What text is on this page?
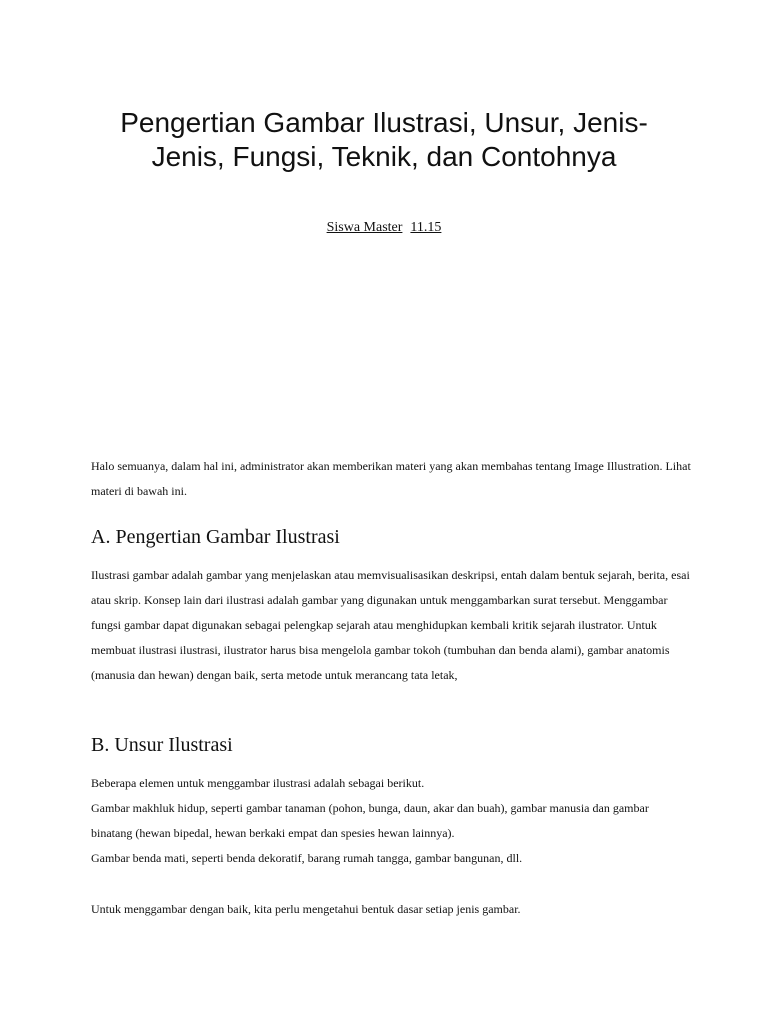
Pengertian Gambar Ilustrasi, Unsur, Jenis-Jenis, Fungsi, Teknik, dan Contohnya
Siswa Master 11.15

Halo semuanya, dalam hal ini, administrator akan memberikan materi yang akan membahas tentang Image Illustration. Lihat materi di bawah ini.

A. Pengertian Gambar Ilustrasi

Ilustrasi gambar adalah gambar yang menjelaskan atau memvisualisasikan deskripsi, entah dalam bentuk sejarah, berita, esai atau skrip. Konsep lain dari ilustrasi adalah gambar yang digunakan untuk menggambarkan surat tersebut. Menggambar fungsi gambar dapat digunakan sebagai pelengkap sejarah atau menghidupkan kembali kritik sejarah ilustrator. Untuk membuat ilustrasi ilustrasi, ilustrator harus bisa mengelola gambar tokoh (tumbuhan dan benda alami), gambar anatomis (manusia dan hewan) dengan baik, serta metode untuk merancang tata letak,

B. Unsur Ilustrasi

Beberapa elemen untuk menggambar ilustrasi adalah sebagai berikut.

Gambar makhluk hidup, seperti gambar tanaman (pohon, bunga, daun, akar dan buah), gambar manusia dan gambar binatang (hewan bipedal, hewan berkaki empat dan spesies hewan lainnya).

Gambar benda mati, seperti benda dekoratif, barang rumah tangga, gambar bangunan, dll.

Untuk menggambar dengan baik, kita perlu mengetahui bentuk dasar setiap jenis gambar.
